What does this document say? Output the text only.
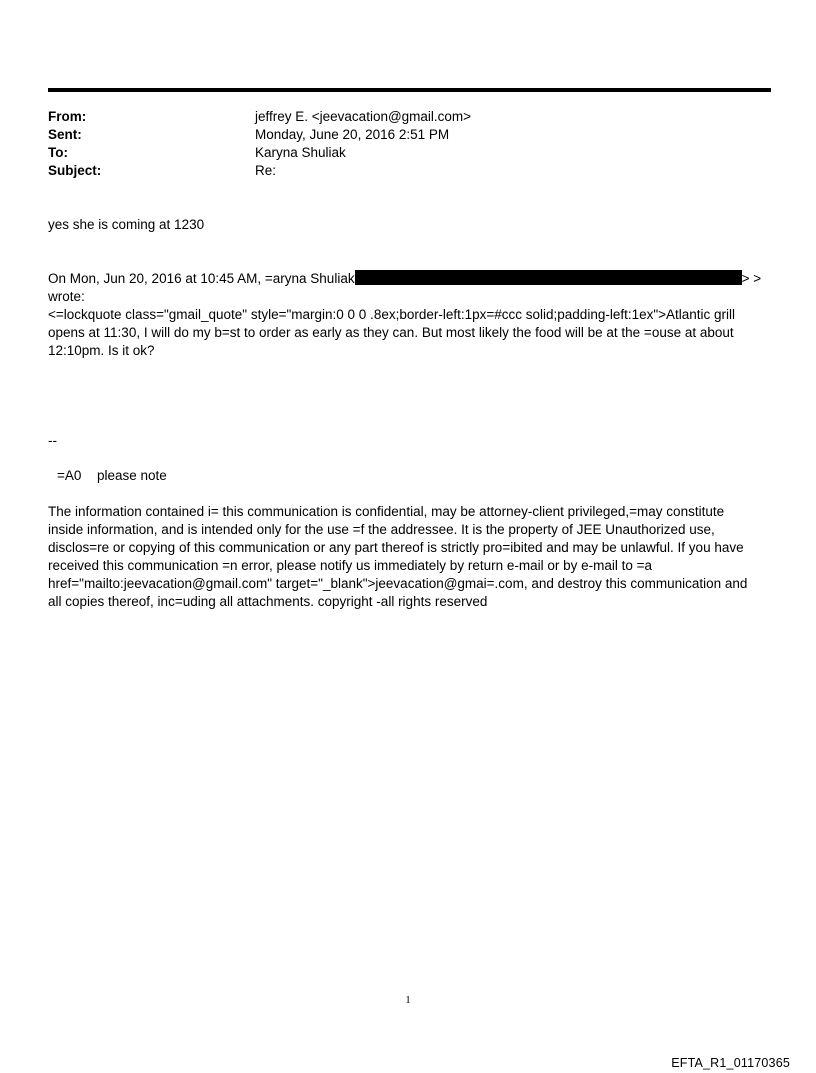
From:	jeffrey E. <jeevacation@gmail.com>
Sent:	Monday, June 20, 2016 2:51 PM
To:	Karyna Shuliak
Subject:	Re:
yes she is coming at 1230
On Mon, Jun 20, 2016 at 10:45 AM, =aryna Shuliak	> >
wrote:
<=lockquote class="gmail_quote" style="margin:0 0 0 .8ex;border-left:1px=#ccc solid;padding-left:1ex">Atlantic grill opens at 11:30, I will do my b=st to order as early as they can. But most likely the food will be at the =ouse at about 12:10pm. Is it ok?
--
=A0 please note
The information contained i= this communication is confidential, may be attorney-client privileged,=may constitute inside information, and is intended only for the use =f the addressee. It is the property of JEE Unauthorized use, disclos=re or copying of this communication or any part thereof is strictly pro=ibited and may be unlawful. If you have received this communication =n error, please notify us immediately by return e-mail or by e-mail to =a href="mailto:jeevacation@gmail.com" target="_blank">jeevacation@gmai=.com, and destroy this communication and all copies thereof, inc=uding all attachments. copyright -all rights reserved
1
EFTA_R1_01170365
